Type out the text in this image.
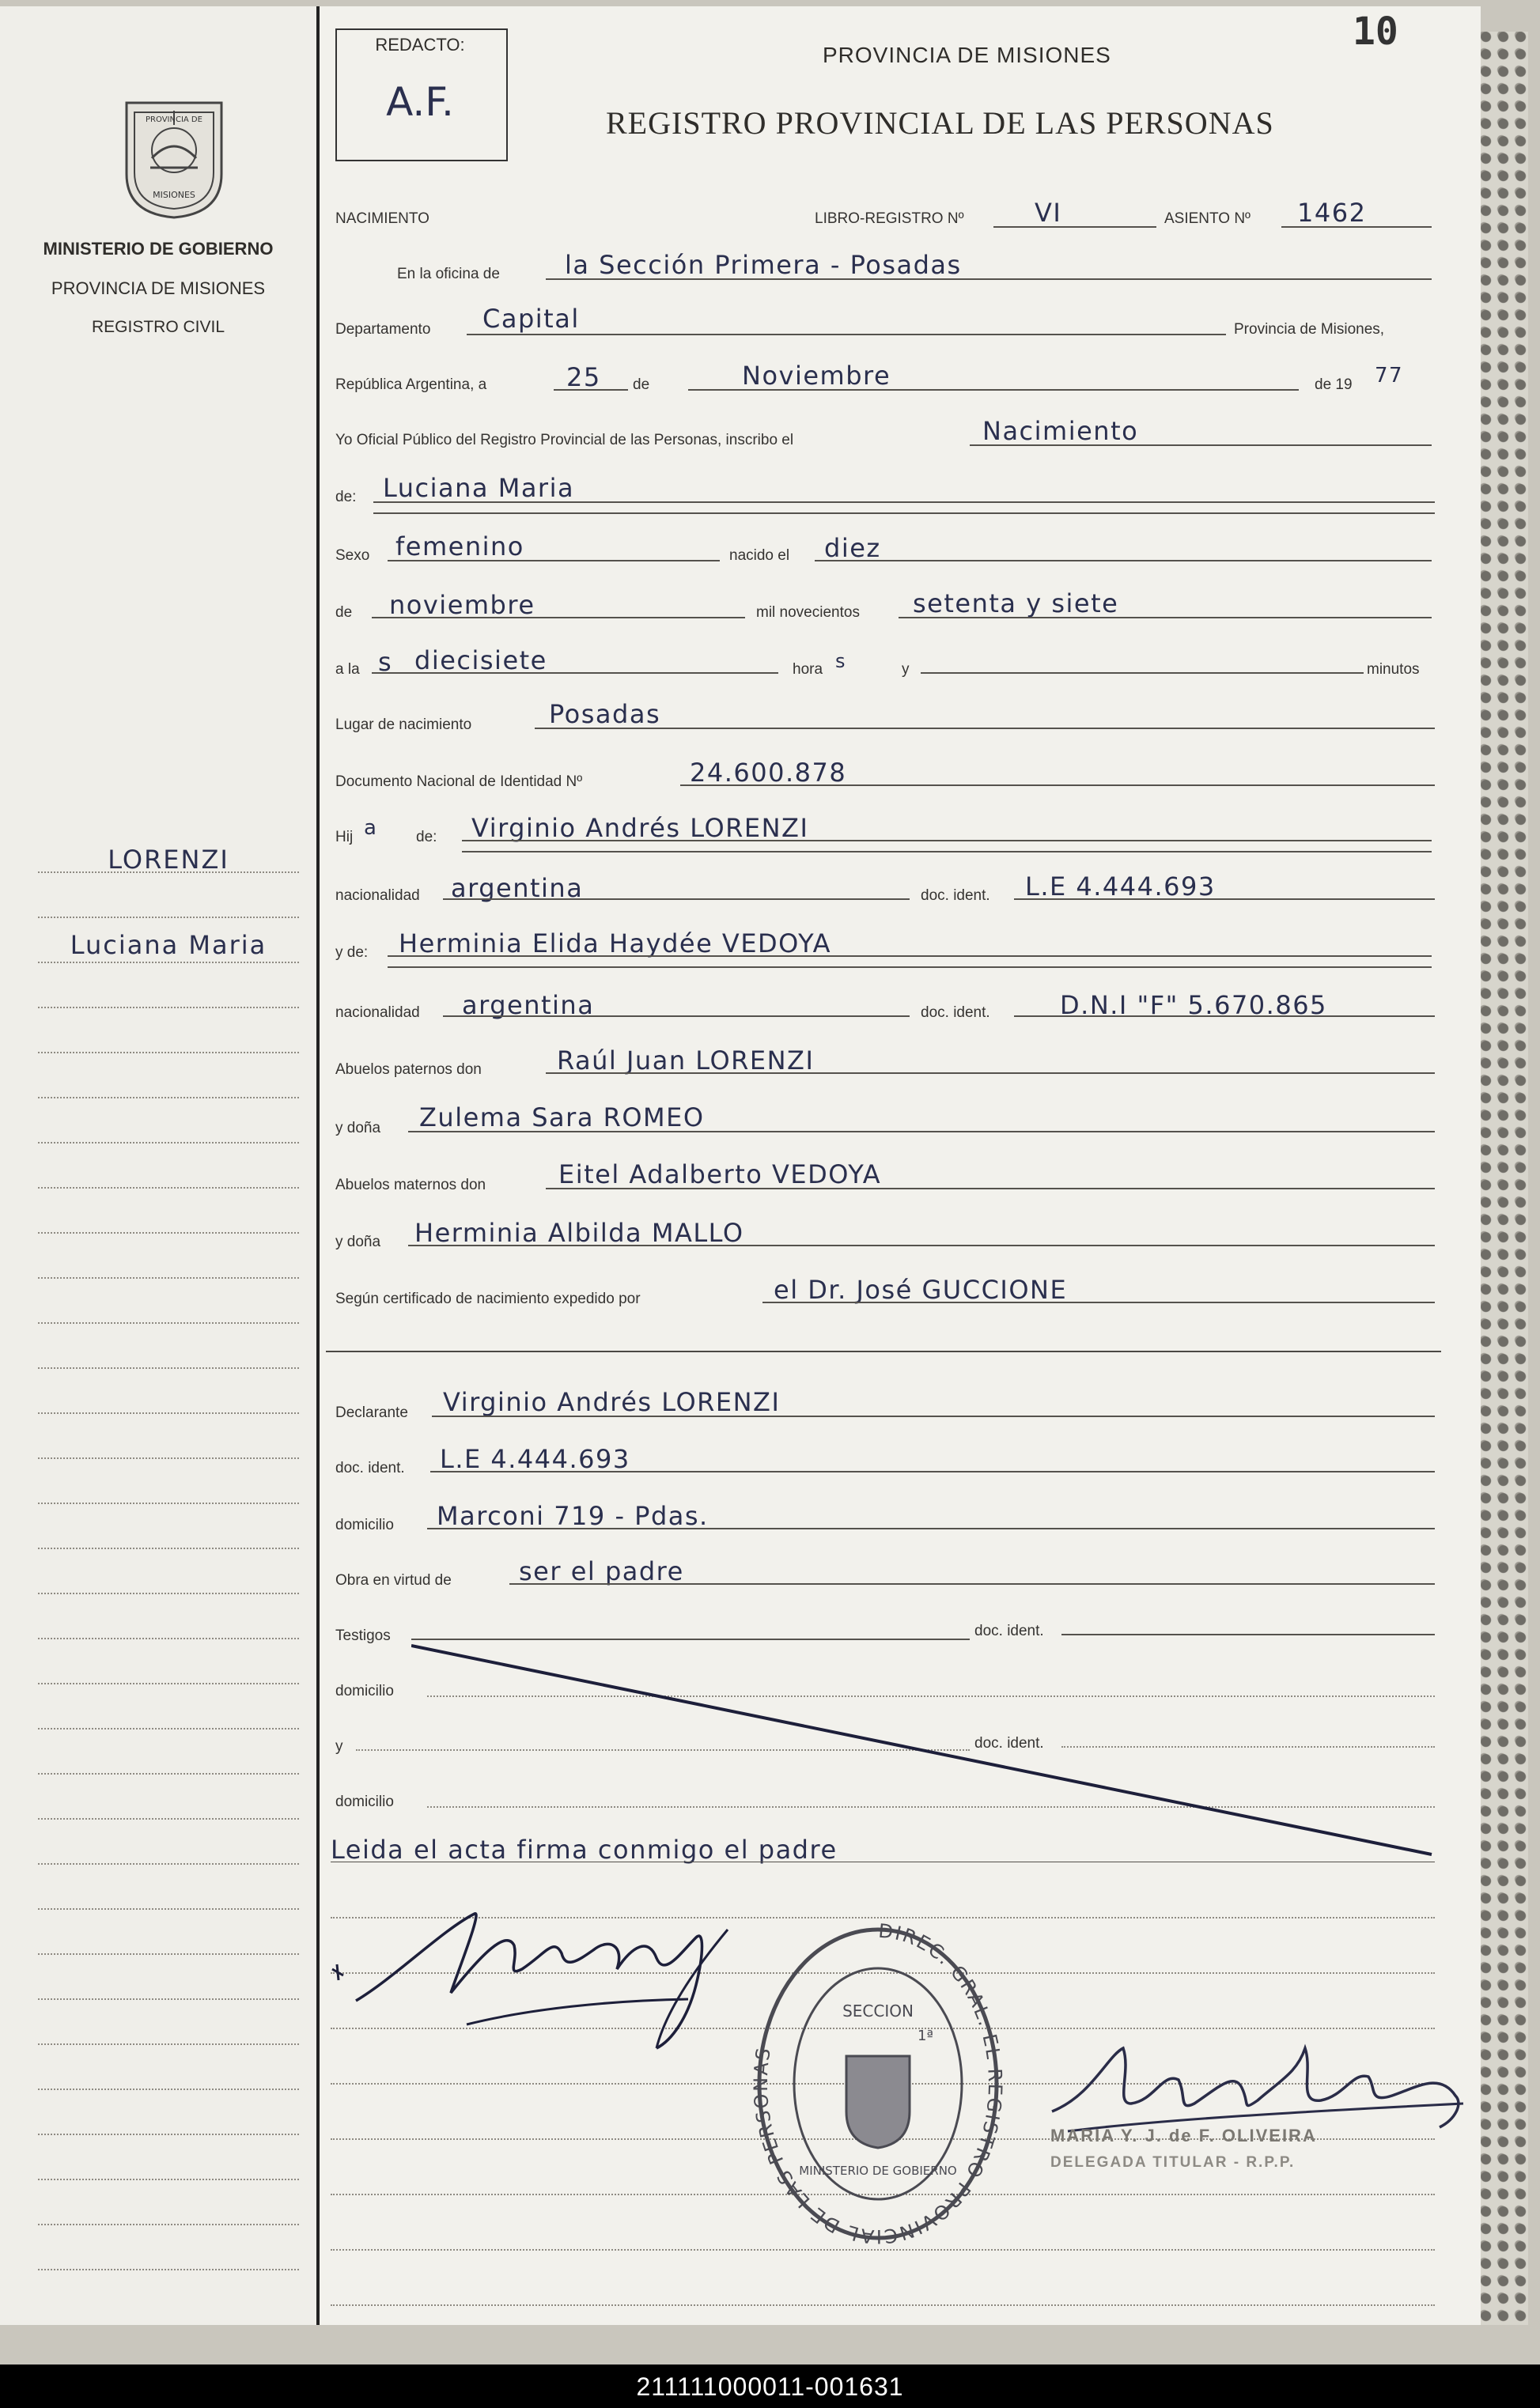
PROVINCIA DE
MISIONES
MINISTERIO DE GOBIERNO
PROVINCIA DE MISIONES
REGISTRO CIVIL
LORENZI
Luciana Maria
REDACTO:
A.F.
PROVINCIA DE MISIONES
REGISTRO PROVINCIAL DE LAS PERSONAS
10
NACIMIENTO	LIBRO-REGISTRO Nº	VI	ASIENTO Nº 1462
En la oficina de	la Sección Primera - Posadas
Departamento Capital	Provincia de Misiones,
República Argentina, a	25 de	Noviembre	de 19 77
Yo Oficial Público del Registro Provincial de las Personas, inscribo el	Nacimiento
de: Luciana Maria
Sexo femenino	nacido el diez
de noviembre	mil novecientos setenta y siete
a la s diecisiete	hora s	y	minutos
Lugar de nacimiento	Posadas
Documento Nacional de Identidad Nº	24.600.878
Hij a	de: Virginio Andrés LORENZI
nacionalidad argentina	doc. ident. L.E 4.444.693
y de: Herminia Elida Haydée VEDOYA
nacionalidad argentina	doc. ident.	D.N.I "F" 5.670.865
Abuelos paternos don	Raúl Juan LORENZI
y doña Zulema Sara ROMEO
Abuelos maternos don	Eitel Adalberto VEDOYA
y doña Herminia Albilda MALLO
Según certificado de nacimiento expedido por	el Dr. José GUCCIONE
Declarante Virginio Andrés LORENZI
doc. ident. L.E 4.444.693
domicilio Marconi 719 - Pdas.
Obra en virtud de	ser el padre
Testigos	doc. ident.
domicilio
y	doc. ident.
domicilio
Leida el acta firma conmigo el padre
DIREC. GRAL. EL REGISTRO PROVINCIAL DE LAS PERSONAS
SECCION
1ª
MINISTERIO DE GOBIERNO
MARIA Y. J. de F. OLIVEIRA
DELEGADA TITULAR - R.P.P.
211111000011-001631
